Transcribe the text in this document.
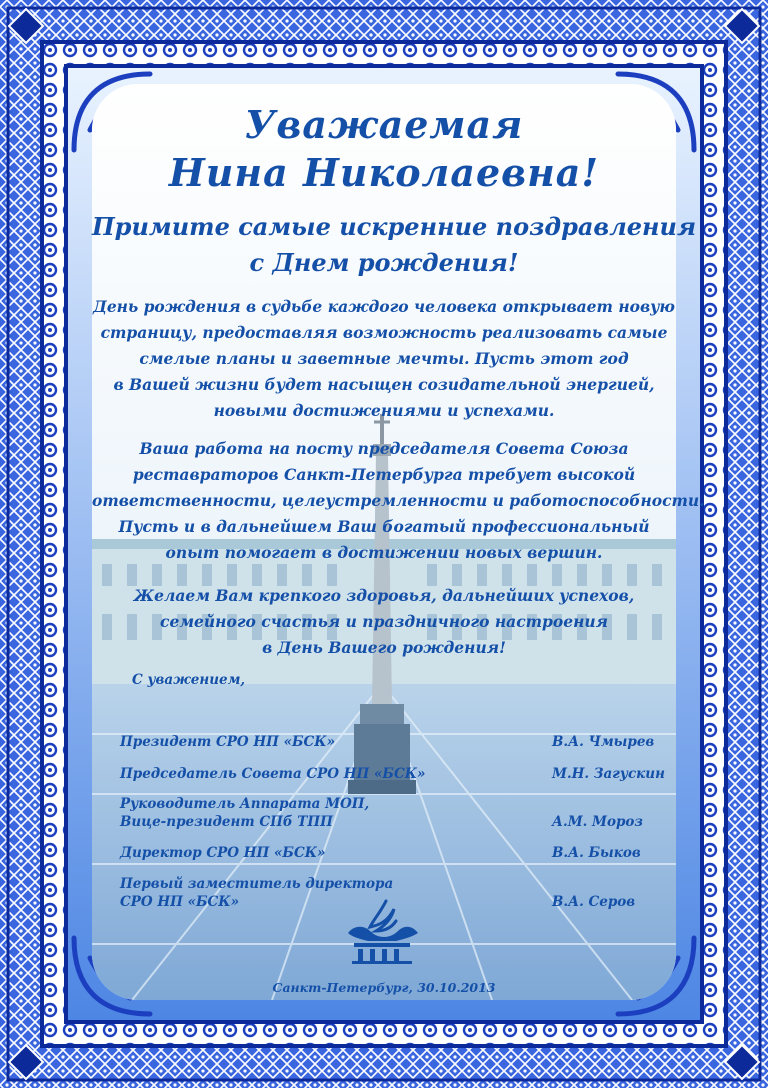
Уважаемая
Нина Николаевна!
Примите самые искренние поздравления
с Днем рождения!
День рождения в судьбе каждого человека открывает новую
страницу, предоставляя возможность реализовать самые
смелые планы и заветные мечты. Пусть этот год
в Вашей жизни будет насыщен созидательной энергией,
новыми достижениями и успехами.
Ваша работа на посту председателя Совета Союза
реставраторов Санкт-Петербурга требует высокой
ответственности, целеустремленности и работоспособности.
Пусть и в дальнейшем Ваш богатый профессиональный
опыт помогает в достижении новых вершин.
Желаем Вам крепкого здоровья, дальнейших успехов,
семейного счастья и праздничного настроения
в День Вашего рождения!
С уважением,
Президент СРО НП «БСК»	В.А. Чмырев
Председатель Совета СРО НП «БСК»	М.Н. Загускин
Руководитель Аппарата МОП,
Вице-президент СПб ТПП	А.М. Мороз
Директор СРО НП «БСК»	В.А. Быков
Первый заместитель директора
СРО НП «БСК»	В.А. Серов
Санкт-Петербург, 30.10.2013
